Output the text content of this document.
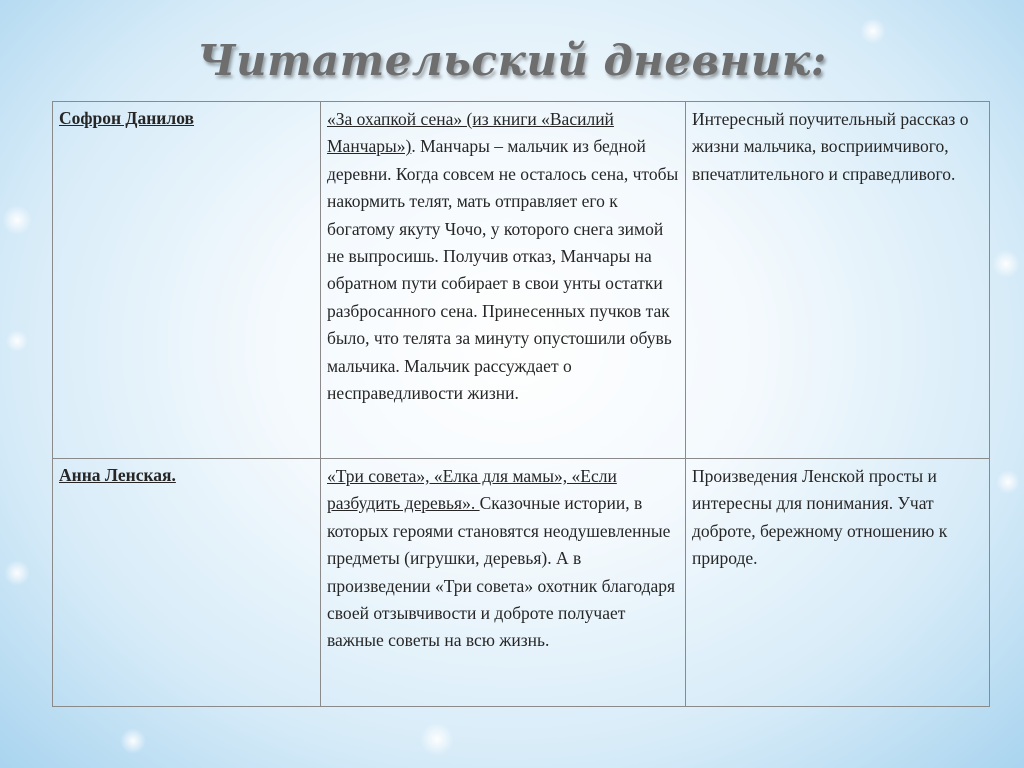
Читательский дневник:
Софрон Данилов	«За охапкой сена» (из книги «Василий Манчары»). Манчары – мальчик из бедной деревни. Когда совсем не осталось сена, чтобы накормить телят, мать отправляет его к богатому якуту Чочо, у которого снега зимой не выпросишь. Получив отказ, Манчары на обратном пути собирает в свои унты остатки разбросанного сена. Принесенных пучков так было, что телята за минуту опустошили обувь мальчика. Мальчик рассуждает о несправедливости жизни.	Интересный поучительный рассказ о жизни мальчика, восприимчивого, впечатлительного и справедливого.
Анна Ленская.	«Три совета», «Елка для мамы», «Если разбудить деревья». Сказочные истории, в которых героями становятся неодушевленные предметы (игрушки, деревья). А в произведении «Три совета» охотник благодаря своей отзывчивости и доброте получает важные советы на всю жизнь.	Произведения Ленской просты и интересны для понимания. Учат доброте, бережному отношению к природе.
